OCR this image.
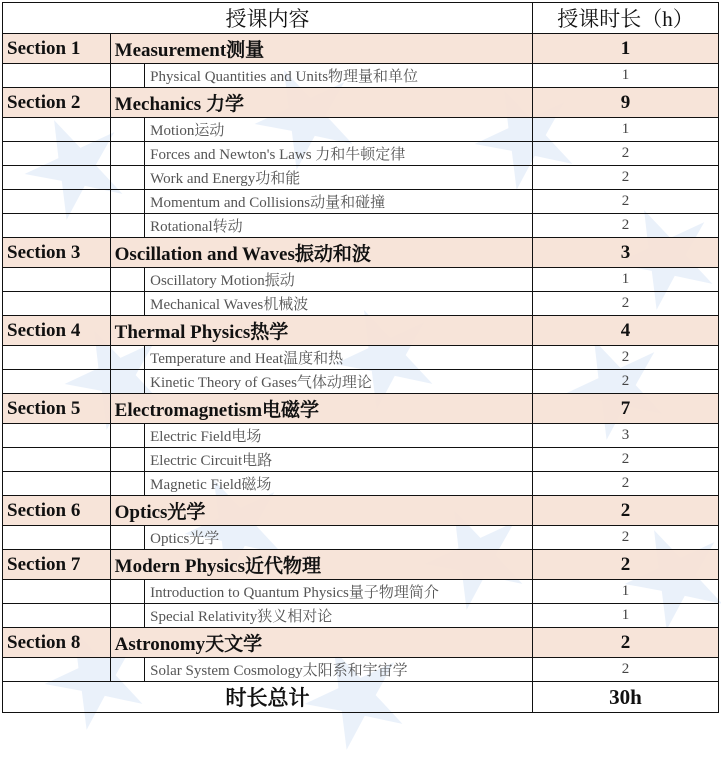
授课内容			授课时长（h）
Section 1	Measurement测量		1
		Physical Quantities and Units物理量和单位	1
Section 2	Mechanics 力学		9
		Motion运动	1
		Forces and Newton's Laws 力和牛顿定律	2
		Work and Energy功和能	2
		Momentum and Collisions动量和碰撞	2
		Rotational转动	2
Section 3	Oscillation and Waves振动和波		3
		Oscillatory Motion振动	1
		Mechanical Waves机械波	2
Section 4	Thermal Physics热学		4
		Temperature and Heat温度和热	2
		Kinetic Theory of Gases气体动理论	2
Section 5	Electromagnetism电磁学		7
		Electric Field电场	3
		Electric Circuit电路	2
		Magnetic Field磁场	2
Section 6	Optics光学		2
		Optics光学	2
Section 7	Modern Physics近代物理		2
		Introduction to Quantum Physics量子物理简介	1
		Special Relativity狭义相对论	1
Section 8	Astronomy天文学		2
		Solar System Cosmology太阳系和宇宙学	2
时长总计			30h
